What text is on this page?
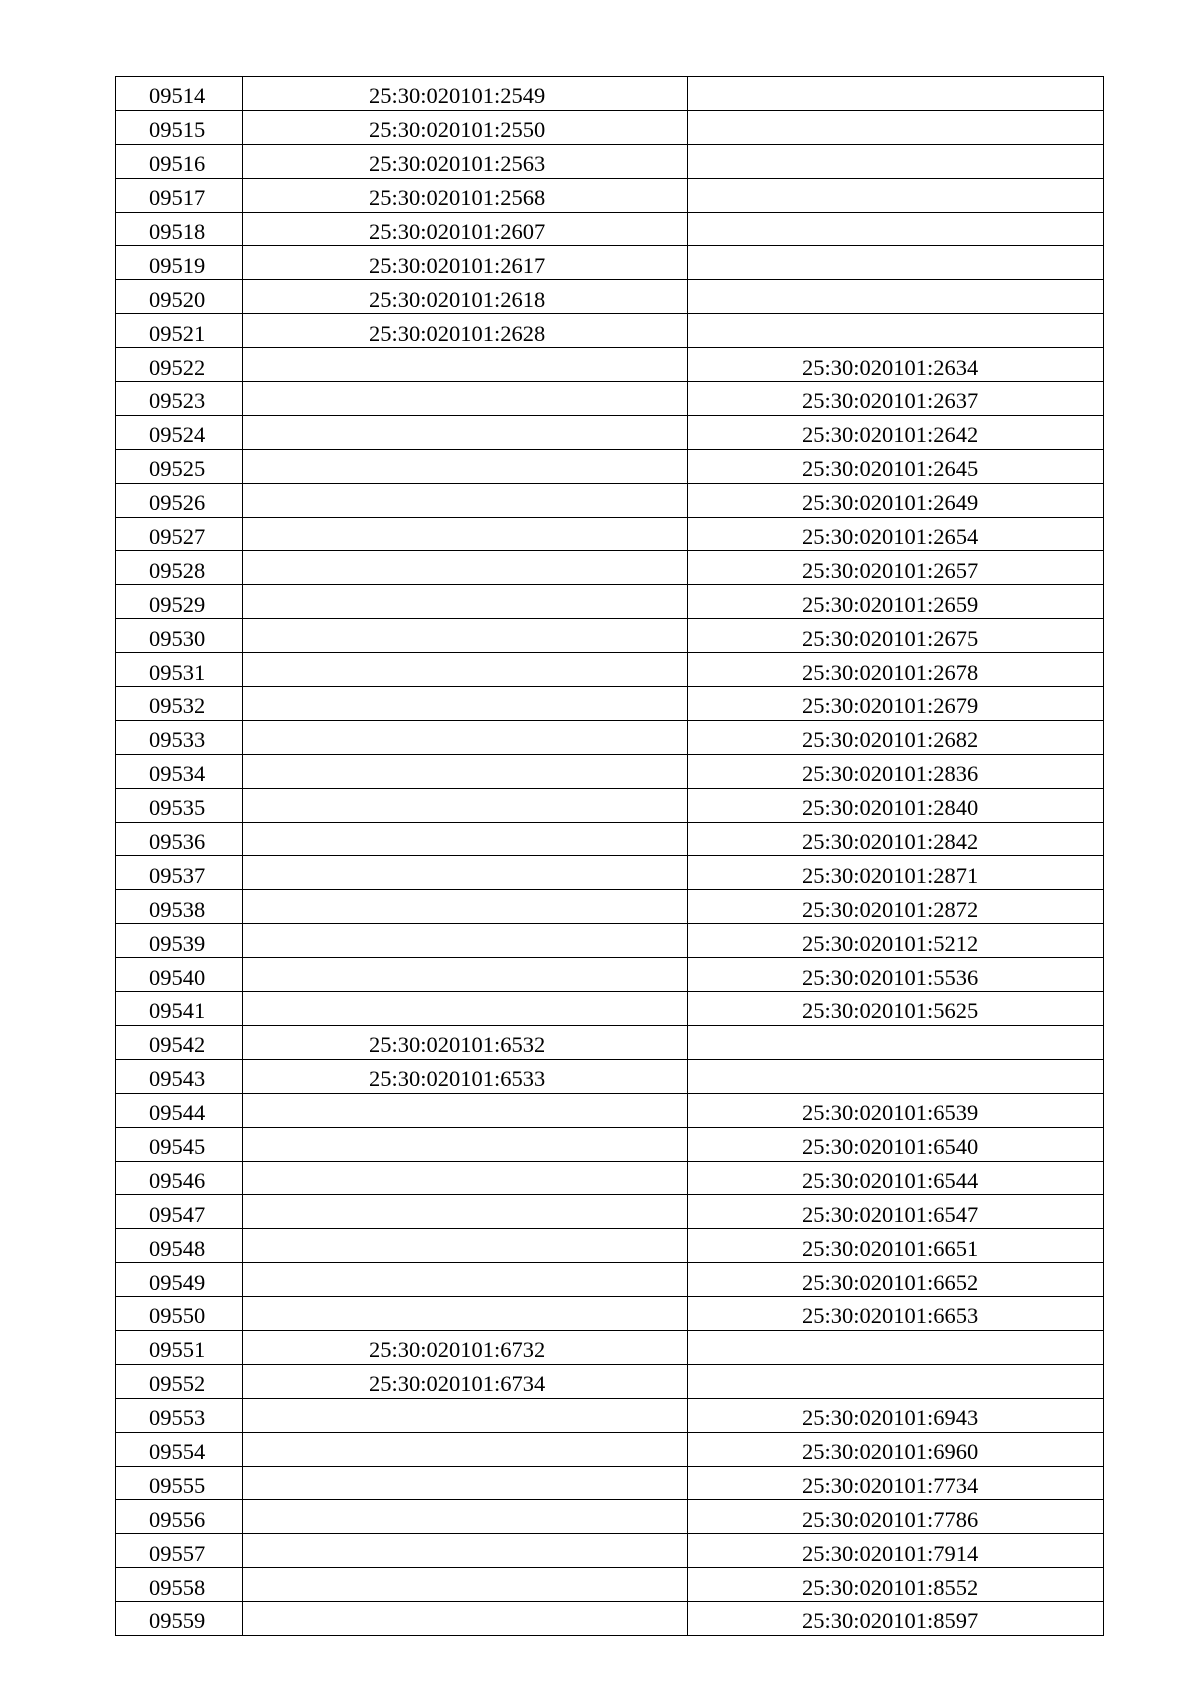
09514	25:30:020101:2549	
09515	25:30:020101:2550	
09516	25:30:020101:2563	
09517	25:30:020101:2568	
09518	25:30:020101:2607	
09519	25:30:020101:2617	
09520	25:30:020101:2618	
09521	25:30:020101:2628	
09522		25:30:020101:2634
09523		25:30:020101:2637
09524		25:30:020101:2642
09525		25:30:020101:2645
09526		25:30:020101:2649
09527		25:30:020101:2654
09528		25:30:020101:2657
09529		25:30:020101:2659
09530		25:30:020101:2675
09531		25:30:020101:2678
09532		25:30:020101:2679
09533		25:30:020101:2682
09534		25:30:020101:2836
09535		25:30:020101:2840
09536		25:30:020101:2842
09537		25:30:020101:2871
09538		25:30:020101:2872
09539		25:30:020101:5212
09540		25:30:020101:5536
09541		25:30:020101:5625
09542	25:30:020101:6532	
09543	25:30:020101:6533	
09544		25:30:020101:6539
09545		25:30:020101:6540
09546		25:30:020101:6544
09547		25:30:020101:6547
09548		25:30:020101:6651
09549		25:30:020101:6652
09550		25:30:020101:6653
09551	25:30:020101:6732	
09552	25:30:020101:6734	
09553		25:30:020101:6943
09554		25:30:020101:6960
09555		25:30:020101:7734
09556		25:30:020101:7786
09557		25:30:020101:7914
09558		25:30:020101:8552
09559		25:30:020101:8597
